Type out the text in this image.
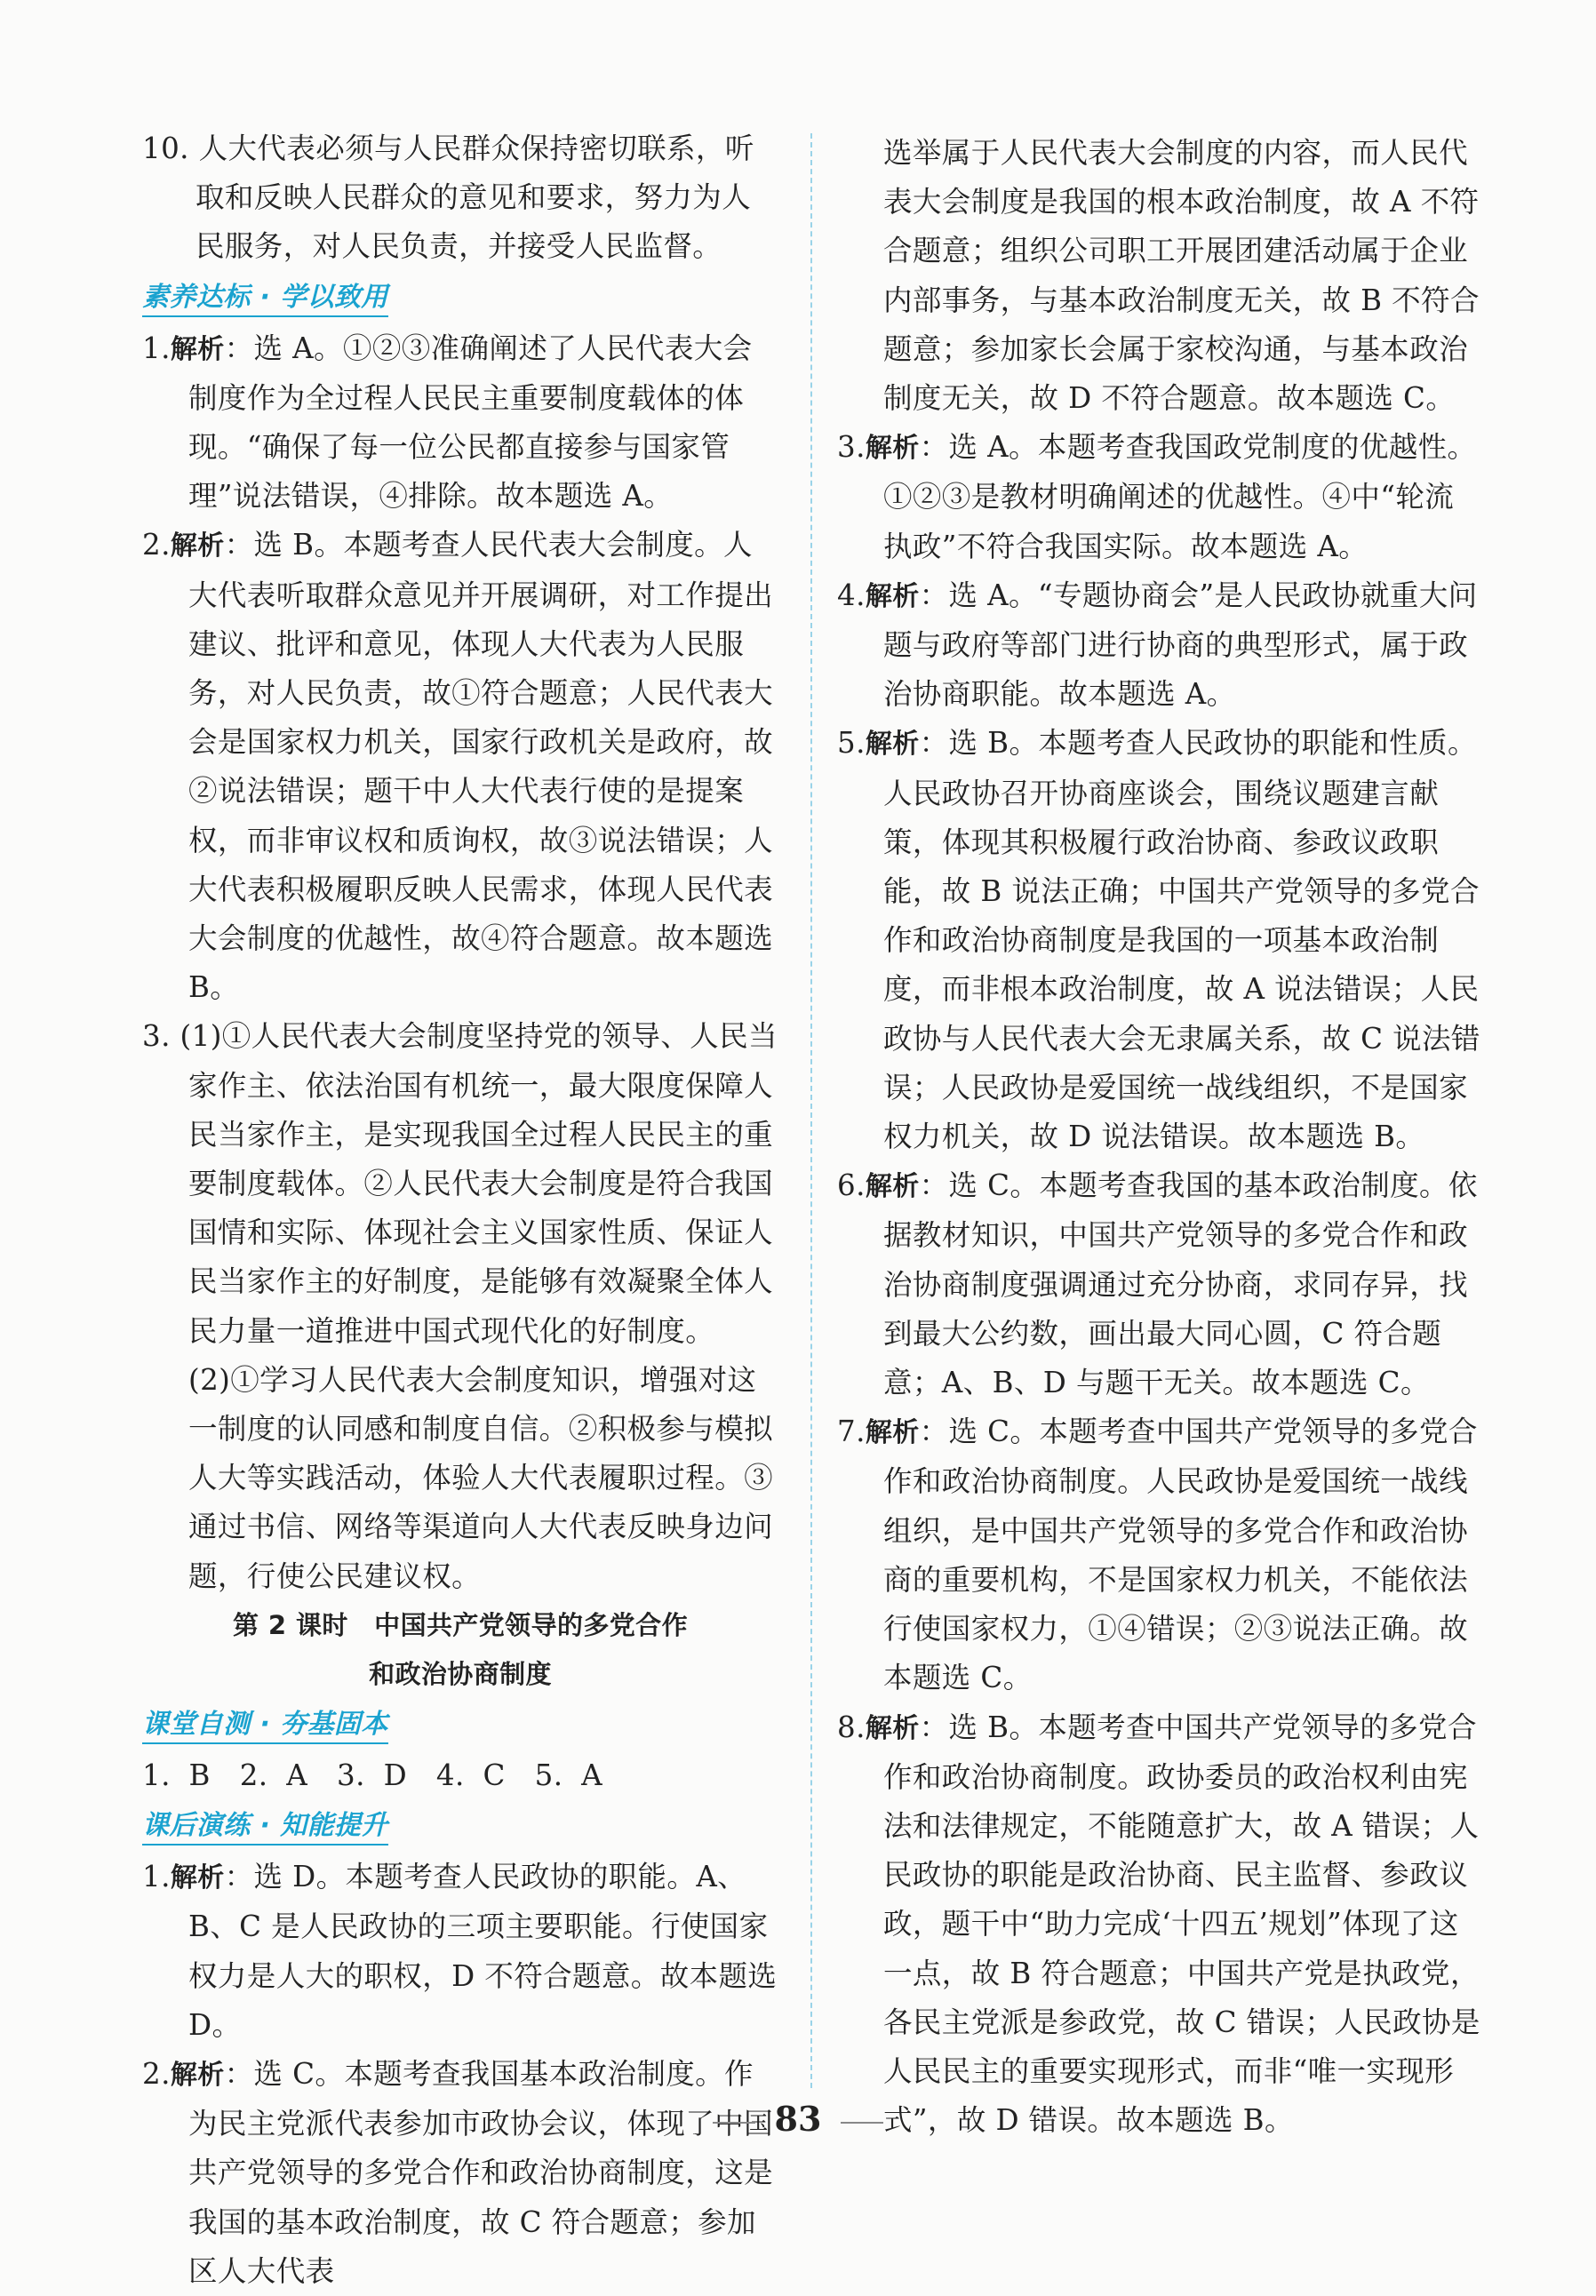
10. 人大代表必须与人民群众保持密切联系，听取和反映人民群众的意见和要求，努力为人民服务，对人民负责，并接受人民监督。

素养达标 · 学以致用

1.解析：选 A。①②③准确阐述了人民代表大会制度作为全过程人民民主重要制度载体的体现。“确保了每一位公民都直接参与国家管理”说法错误，④排除。故本题选 A。

2.解析：选 B。本题考查人民代表大会制度。人大代表听取群众意见并开展调研，对工作提出建议、批评和意见，体现人大代表为人民服务，对人民负责，故①符合题意；人民代表大会是国家权力机关，国家行政机关是政府，故②说法错误；题干中人大代表行使的是提案权，而非审议权和质询权，故③说法错误；人大代表积极履职反映人民需求，体现人民代表大会制度的优越性，故④符合题意。故本题选 B。

3. (1)①人民代表大会制度坚持党的领导、人民当家作主、依法治国有机统一，最大限度保障人民当家作主，是实现我国全过程人民民主的重要制度载体。②人民代表大会制度是符合我国国情和实际、体现社会主义国家性质、保证人民当家作主的好制度，是能够有效凝聚全体人民力量一道推进中国式现代化的好制度。

(2)①学习人民代表大会制度知识，增强对这一制度的认同感和制度自信。②积极参与模拟人大等实践活动，体验人大代表履职过程。③通过书信、网络等渠道向人大代表反映身边问题，行使公民建议权。

第 2 课时　中国共产党领导的多党合作
和政治协商制度
课堂自测 · 夯基固本

1. B　2. A　3. D　4. C　5. A

课后演练 · 知能提升

1.解析：选 D。本题考查人民政协的职能。A、B、C 是人民政协的三项主要职能。行使国家权力是人大的职权，D 不符合题意。故本题选 D。

2.解析：选 C。本题考查我国基本政治制度。作为民主党派代表参加市政协会议，体现了中国共产党领导的多党合作和政治协商制度，这是我国的基本政治制度，故 C 符合题意；参加区人大代表

选举属于人民代表大会制度的内容，而人民代表大会制度是我国的根本政治制度，故 A 不符合题意；组织公司职工开展团建活动属于企业内部事务，与基本政治制度无关，故 B 不符合题意；参加家长会属于家校沟通，与基本政治制度无关，故 D 不符合题意。故本题选 C。

3.解析：选 A。本题考查我国政党制度的优越性。①②③是教材明确阐述的优越性。④中“轮流执政”不符合我国实际。故本题选 A。

4.解析：选 A。“专题协商会”是人民政协就重大问题与政府等部门进行协商的典型形式，属于政治协商职能。故本题选 A。

5.解析：选 B。本题考查人民政协的职能和性质。人民政协召开协商座谈会，围绕议题建言献策，体现其积极履行政治协商、参政议政职能，故 B 说法正确；中国共产党领导的多党合作和政治协商制度是我国的一项基本政治制度，而非根本政治制度，故 A 说法错误；人民政协与人民代表大会无隶属关系，故 C 说法错误；人民政协是爱国统一战线组织，不是国家权力机关，故 D 说法错误。故本题选 B。

6.解析：选 C。本题考查我国的基本政治制度。依据教材知识，中国共产党领导的多党合作和政治协商制度强调通过充分协商，求同存异，找到最大公约数，画出最大同心圆，C 符合题意；A、B、D 与题干无关。故本题选 C。

7.解析：选 C。本题考查中国共产党领导的多党合作和政治协商制度。人民政协是爱国统一战线组织，是中国共产党领导的多党合作和政治协商的重要机构，不是国家权力机关，不能依法行使国家权力，①④错误；②③说法正确。故本题选 C。

8.解析：选 B。本题考查中国共产党领导的多党合作和政治协商制度。政协委员的政治权利由宪法和法律规定，不能随意扩大，故 A 错误；人民政协的职能是政治协商、民主监督、参政议政，题干中“助力完成‘十四五’规划”体现了这一点，故 B 符合题意；中国共产党是执政党，各民主党派是参政党，故 C 错误；人民政协是人民民主的重要实现形式，而非“唯一实现形式”，故 D 错误。故本题选 B。

83
